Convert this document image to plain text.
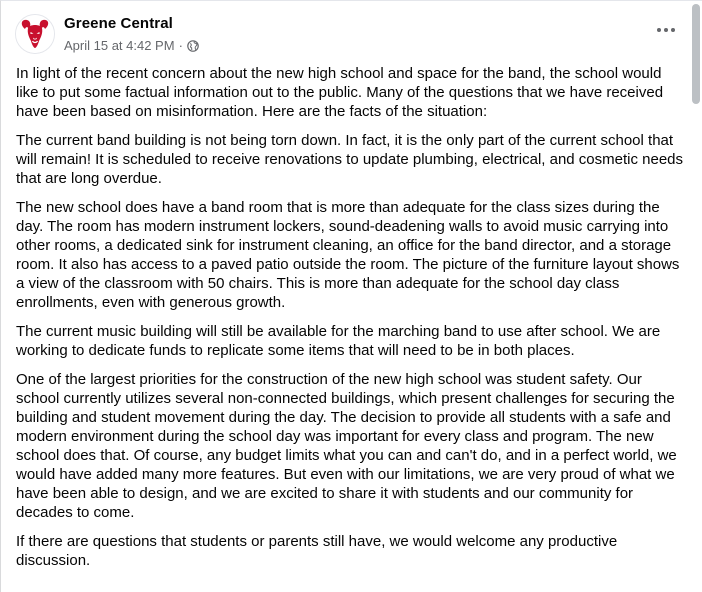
Greene Central
April 15 at 4:42 PM ·

In light of the recent concern about the new high school and space for the band, the school would like to put some factual information out to the public. Many of the questions that we have received have been based on misinformation. Here are the facts of the situation:

The current band building is not being torn down. In fact, it is the only part of the current school that will remain! It is scheduled to receive renovations to update plumbing, electrical, and cosmetic needs that are long overdue.

The new school does have a band room that is more than adequate for the class sizes during the day. The room has modern instrument lockers, sound-deadening walls to avoid music carrying into other rooms, a dedicated sink for instrument cleaning, an office for the band director, and a storage room. It also has access to a paved patio outside the room. The picture of the furniture layout shows a view of the classroom with 50 chairs. This is more than adequate for the school day class enrollments, even with generous growth.

The current music building will still be available for the marching band to use after school. We are working to dedicate funds to replicate some items that will need to be in both places.

One of the largest priorities for the construction of the new high school was student safety. Our school currently utilizes several non-connected buildings, which present challenges for securing the building and student movement during the day. The decision to provide all students with a safe and modern environment during the school day was important for every class and program. The new school does that. Of course, any budget limits what you can and can't do, and in a perfect world, we would have added many more features. But even with our limitations, we are very proud of what we have been able to design, and we are excited to share it with students and our community for decades to come.

If there are questions that students or parents still have, we would welcome any productive discussion.
